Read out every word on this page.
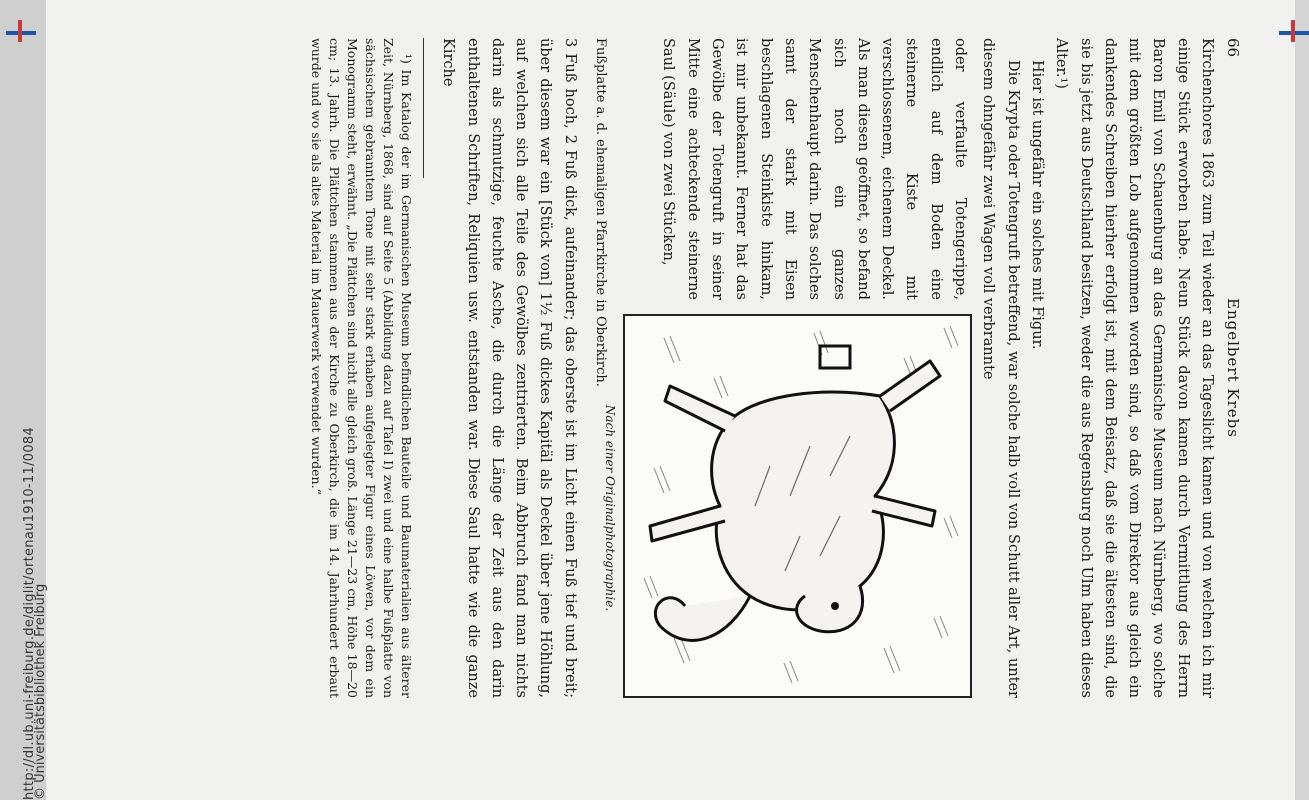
http://dl.ub.uni-freiburg.de/diglit/ortenau1910-11/0084
66
Engelbert Krebs

Kirchenchores 1863 zum Teil wieder an das Tageslicht kamen und von welchen ich mir einige Stück erworben habe. Neun Stück davon kamen durch Vermittlung des Herrn Baron Emil von Schauenburg an das Germanische Museum nach Nürnberg, wo solche mit dem größten Lob aufgenommen worden sind, so daß vom Direktor aus gleich ein dankendes Schreiben hierher erfolgt ist, mit dem Beisatz, daß sie die ältesten sind, die sie bis jetzt aus Deutschland besitzen, weder die aus Regensburg noch Ulm haben dieses Alter.¹)

Hier ist ungefähr ein solches mit Figur.

Die Krypta oder Totengruft betreffend, war solche halb voll von Schutt aller Art, unter diesem ohngefähr zwei Wagen voll verbrannte

oder verfaulte Totengerippe, endlich auf dem Boden eine steinerne Kiste mit verschlossenem, eichenem Deckel. Als man diesen geöffnet, so befand sich noch ein ganzes Menschenhaupt darin. Das solches samt der stark mit Eisen beschlagenen Steinkiste hinkam, ist mir unbekannt. Ferner hat das Gewölbe der Totengruft in seiner Mitte eine achteckende steinerne Saul (Säule) von zwei Stücken,
Nach einer Originalphotographie.

Fußplatte a. d. ehemaligen Pfarrkirche in Oberkirch.

3 Fuß hoch, 2 Fuß dick, aufeinander; das oberste ist im Licht einen Fuß tief und breit; über diesem war ein [Stück von] 1½ Fuß dickes Kapitäl als Deckel über jene Höhlung, auf welchen sich alle Teile des Gewölbes zentrierten. Beim Abbruch fand man nichts darin als schmutzige, feuchte Asche, die durch die Länge der Zeit aus den darin enthaltenen Schriften, Reliquien usw. entstanden war. Diese Saul hatte wie die ganze Kirche

¹) Im Katalog der im Germanischen Museum befindlichen Bauteile und Baumaterialien aus älterer Zeit, Nürnberg, 1868, sind auf Seite 5 (Abbildung dazu auf Tafel I) zwei und eine halbe Fußplatte von sächsischem gebranntem Tone mit sehr stark erhaben aufgelegter Figur eines Löwen, vor dem ein Monogramm steht, erwähnt. „Die Plättchen sind nicht alle gleich groß. Länge 21—23 cm, Höhe 18—20 cm; 13. Jahrh. Die Plättchen stammen aus der Kirche zu Oberkirch, die im 14. Jahrhundert erbaut wurde und wo sie als altes Material im Mauerwerk verwendet wurden.“

© Universitätsbibliothek Freiburg
